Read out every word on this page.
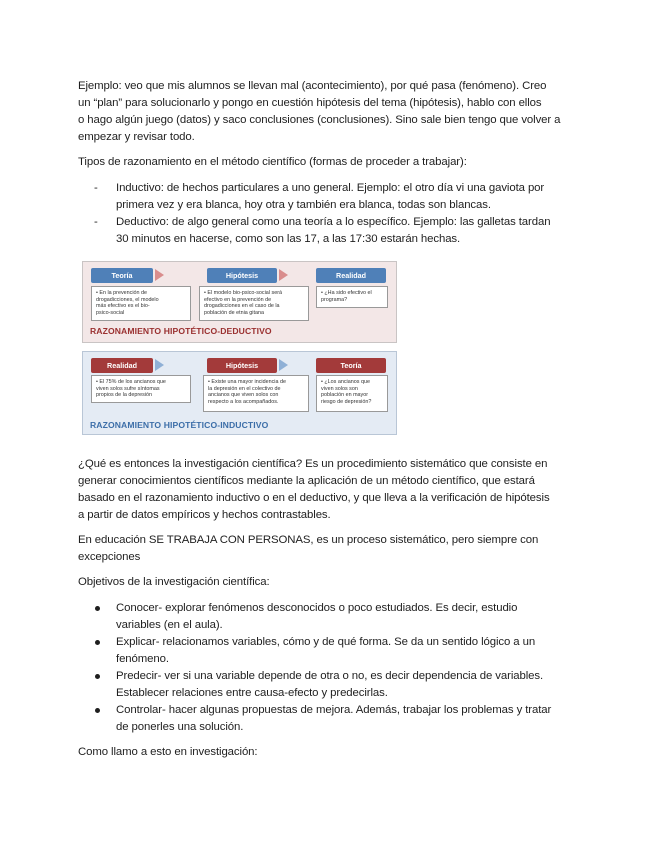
Ejemplo: veo que mis alumnos se llevan mal (acontecimiento), por qué pasa (fenómeno). Creo
un “plan” para solucionarlo y pongo en cuestión hipótesis del tema (hipótesis), hablo con ellos
o hago algún juego (datos) y saco conclusiones (conclusiones). Sino sale bien tengo que volver a
empezar y revisar todo.
Tipos de razonamiento en el método científico (formas de proceder a trabajar):
- Inductivo: de hechos particulares a uno general. Ejemplo: el otro día vi una gaviota por
primera vez y era blanca, hoy otra y también era blanca, todas son blancas.
- Deductivo: de algo general como una teoría a lo específico. Ejemplo: las galletas tardan
30 minutos en hacerse, como son las 17, a las 17:30 estarán hechas.
Teoría	Hipótesis	Realidad
• En la prevención de
drogadicciones, el modelo
más efectivo es el bio-
psico-social
• El modelo bio-psico-social será
efectivo en la prevención de
drogadicciones en el caso de la
población de etnia gitana
• ¿Ha sido efectivo el
programa?
RAZONAMIENTO HIPOTÉTICO-DEDUCTIVO
Realidad	Hipótesis	Teoría
• El 75% de los ancianos que
viven solos sufre síntomas
propios de la depresión
• Existe una mayor incidencia de
la depresión en el colectivo de
ancianos que viven solos con
respecto a los acompañados.
• ¿Los ancianos que
viven solos son
población en mayor
riesgo de depresión?
RAZONAMIENTO HIPOTÉTICO-INDUCTIVO
¿Qué es entonces la investigación científica? Es un procedimiento sistemático que consiste en
generar conocimientos científicos mediante la aplicación de un método científico, que estará
basado en el razonamiento inductivo o en el deductivo, y que lleva a la verificación de hipótesis
a partir de datos empíricos y hechos contrastables.
En educación SE TRABAJA CON PERSONAS, es un proceso sistemático, pero siempre con
excepciones
Objetivos de la investigación científica:
Conocer- explorar fenómenos desconocidos o poco estudiados. Es decir, estudio
variables (en el aula).
Explicar- relacionamos variables, cómo y de qué forma. Se da un sentido lógico a un
fenómeno.
Predecir- ver si una variable depende de otra o no, es decir dependencia de variables.
Establecer relaciones entre causa-efecto y predecirlas.
Controlar- hacer algunas propuestas de mejora. Además, trabajar los problemas y tratar
de ponerles una solución.
Como llamo a esto en investigación:
